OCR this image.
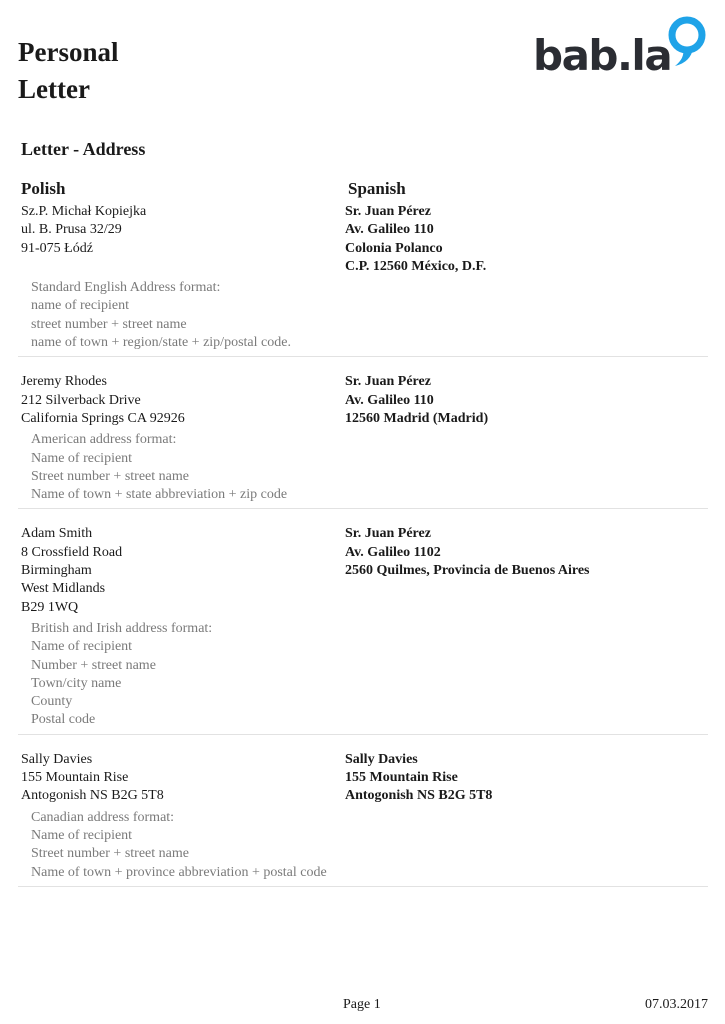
Personal
Letter
bab.la
Letter - Address
Polish	Spanish
Sz.P. Michał Kopiejka
ul. B. Prusa 32/29
91-075 Łódź
Sr. Juan Pérez
Av. Galileo 110
Colonia Polanco
C.P. 12560 México, D.F.
Standard English Address format:
name of recipient
street number + street name
name of town + region/state + zip/postal code.
Jeremy Rhodes
212 Silverback Drive
California Springs CA 92926
Sr. Juan Pérez
Av. Galileo 110
12560 Madrid (Madrid)
American address format:
Name of recipient
Street number + street name
Name of town + state abbreviation + zip code
Adam Smith
8 Crossfield Road
Birmingham
West Midlands
B29 1WQ
Sr. Juan Pérez
Av. Galileo 1102
2560 Quilmes, Provincia de Buenos Aires
British and Irish address format:
Name of recipient
Number + street name
Town/city name
County
Postal code
Sally Davies
155 Mountain Rise
Antogonish NS B2G 5T8
Sally Davies
155 Mountain Rise
Antogonish NS B2G 5T8
Canadian address format:
Name of recipient
Street number + street name
Name of town + province abbreviation + postal code
Page 1	07.03.2017
